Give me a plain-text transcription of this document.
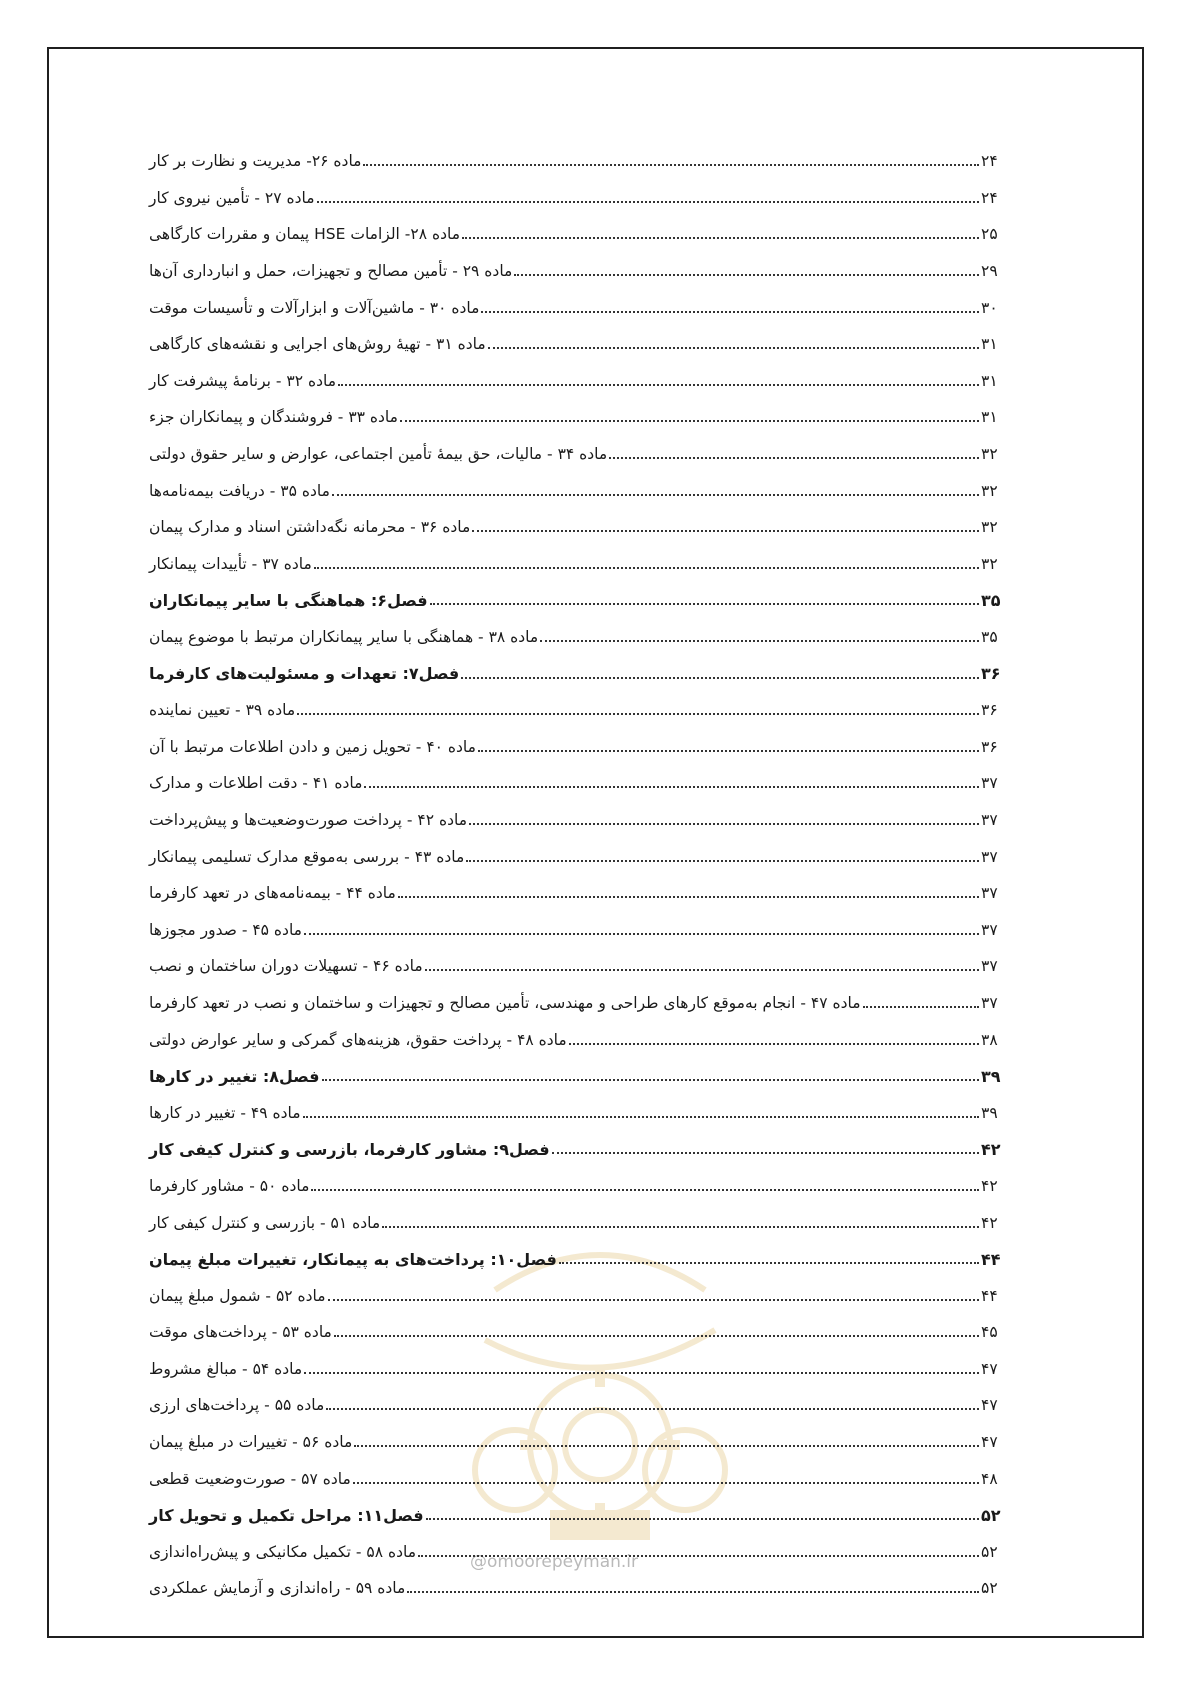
@omoorepeyman.ir
ماده ۲۶- مدیریت و نظارت بر کار	۲۴
ماده ۲۷ - تأمین نیروی کار	۲۴
ماده ۲۸- الزامات HSE پیمان و مقررات کارگاهی	۲۵
ماده ۲۹ - تأمین مصالح و تجهیزات، حمل و انبارداری آن‌ها	۲۹
ماده ۳۰ - ماشین‌آلات و ابزارآلات و تأسیسات موقت	۳۰
ماده ۳۱ - تهیهٔ روش‌های اجرایی و نقشه‌های کارگاهی	۳۱
ماده ۳۲ - برنامهٔ پیشرفت کار	۳۱
ماده ۳۳ - فروشندگان و پیمانکاران جزء	۳۱
ماده ۳۴ - مالیات، حق بیمهٔ تأمین اجتماعی، عوارض و سایر حقوق دولتی	۳۲
ماده ۳۵ - دریافت بیمه‌نامه‌ها	۳۲
ماده ۳۶ - محرمانه نگه‌داشتن اسناد و مدارک پیمان	۳۲
ماده ۳۷ - تأییدات پیمانکار	۳۲
فصل۶: هماهنگی با سایر پیمانکاران	۳۵
ماده ۳۸ - هماهنگی با سایر پیمانکاران مرتبط با موضوع پیمان	۳۵
فصل۷: تعهدات و مسئولیت‌های کارفرما	۳۶
ماده ۳۹ - تعیین نماینده	۳۶
ماده ۴۰ - تحویل زمین و دادن اطلاعات مرتبط با آن	۳۶
ماده ۴۱ - دقت اطلاعات و مدارک	۳۷
ماده ۴۲ - پرداخت صورت‌وضعیت‌ها و پیش‌پرداخت	۳۷
ماده ۴۳ - بررسی به‌موقع مدارک تسلیمی پیمانکار	۳۷
ماده ۴۴ - بیمه‌نامه‌های در تعهد کارفرما	۳۷
ماده ۴۵ - صدور مجوزها	۳۷
ماده ۴۶ - تسهیلات دوران ساختمان و نصب	۳۷
ماده ۴۷ - انجام به‌موقع کارهای طراحی و مهندسی، تأمین مصالح و تجهیزات و ساختمان و نصب در تعهد کارفرما	۳۷
ماده ۴۸ - پرداخت حقوق، هزینه‌های گمرکی و سایر عوارض دولتی	۳۸
فصل۸: تغییر در کارها	۳۹
ماده ۴۹ - تغییر در کارها	۳۹
فصل۹: مشاور کارفرما، بازرسی و کنترل کیفی کار	۴۲
ماده ۵۰ - مشاور کارفرما	۴۲
ماده ۵۱ - بازرسی و کنترل کیفی کار	۴۲
فصل۱۰: پرداخت‌های به پیمانکار، تغییرات مبلغ پیمان	۴۴
ماده ۵۲ - شمول مبلغ پیمان	۴۴
ماده ۵۳ - پرداخت‌های موقت	۴۵
ماده ۵۴ - مبالغ مشروط	۴۷
ماده ۵۵ - پرداخت‌های ارزی	۴۷
ماده ۵۶ - تغییرات در مبلغ پیمان	۴۷
ماده ۵۷ - صورت‌وضعیت قطعی	۴۸
فصل۱۱: مراحل تکمیل و تحویل کار	۵۲
ماده ۵۸ - تکمیل مکانیکی و پیش‌راه‌اندازی	۵۲
ماده ۵۹ - راه‌اندازی و آزمایش عملکردی	۵۲
